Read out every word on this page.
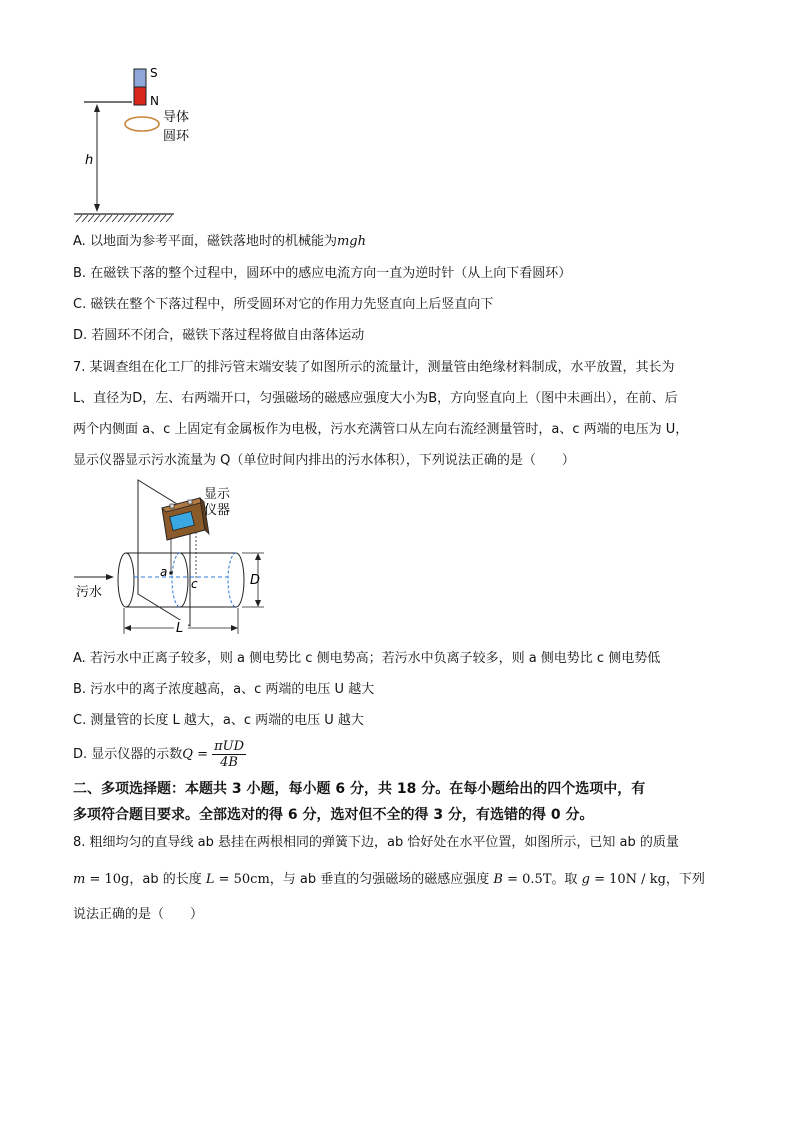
S
N
导体
圆环
h
A. 以地面为参考平面，磁铁落地时的机械能为mgh
B. 在磁铁下落的整个过程中，圆环中的感应电流方向一直为逆时针（从上向下看圆环）
C. 磁铁在整个下落过程中，所受圆环对它的作用力先竖直向上后竖直向下
D. 若圆环不闭合，磁铁下落过程将做自由落体运动
7. 某调查组在化工厂的排污管末端安装了如图所示的流量计，测量管由绝缘材料制成，水平放置，其长为
L、直径为D，左、右两端开口，匀强磁场的磁感应强度大小为B，方向竖直向上（图中未画出），在前、后
两个内侧面 a、c 上固定有金属板作为电极，污水充满管口从左向右流经测量管时，a、c 两端的电压为 U，
显示仪器显示污水流量为 Q（单位时间内排出的污水体积），下列说法正确的是（　　）
显示
仪器
a
c
污水
D
L
A. 若污水中正离子较多，则 a 侧电势比 c 侧电势高；若污水中负离子较多，则 a 侧电势比 c 侧电势低
B. 污水中的离子浓度越高，a、c 两端的电压 U 越大
C. 测量管的长度 L 越大，a、c 两端的电压 U 越大
D. 显示仪器的示数$Q = \frac{\text{πUD}}{4B}$
二、多项选择题：本题共 3 小题，每小题 6 分，共 18 分。在每小题给出的四个选项中，有
多项符合题目要求。全部选对的得 6 分，选对但不全的得 3 分，有选错的得 0 分。
8. 粗细均匀的直导线 ab 悬挂在两根相同的弹簧下边，ab 恰好处在水平位置，如图所示，已知 ab 的质量
m = 10g，ab 的长度 L = 50cm，与 ab 垂直的匀强磁场的磁感应强度 B = 0.5T。取 g = 10N / kg，下列
说法正确的是（　　）
